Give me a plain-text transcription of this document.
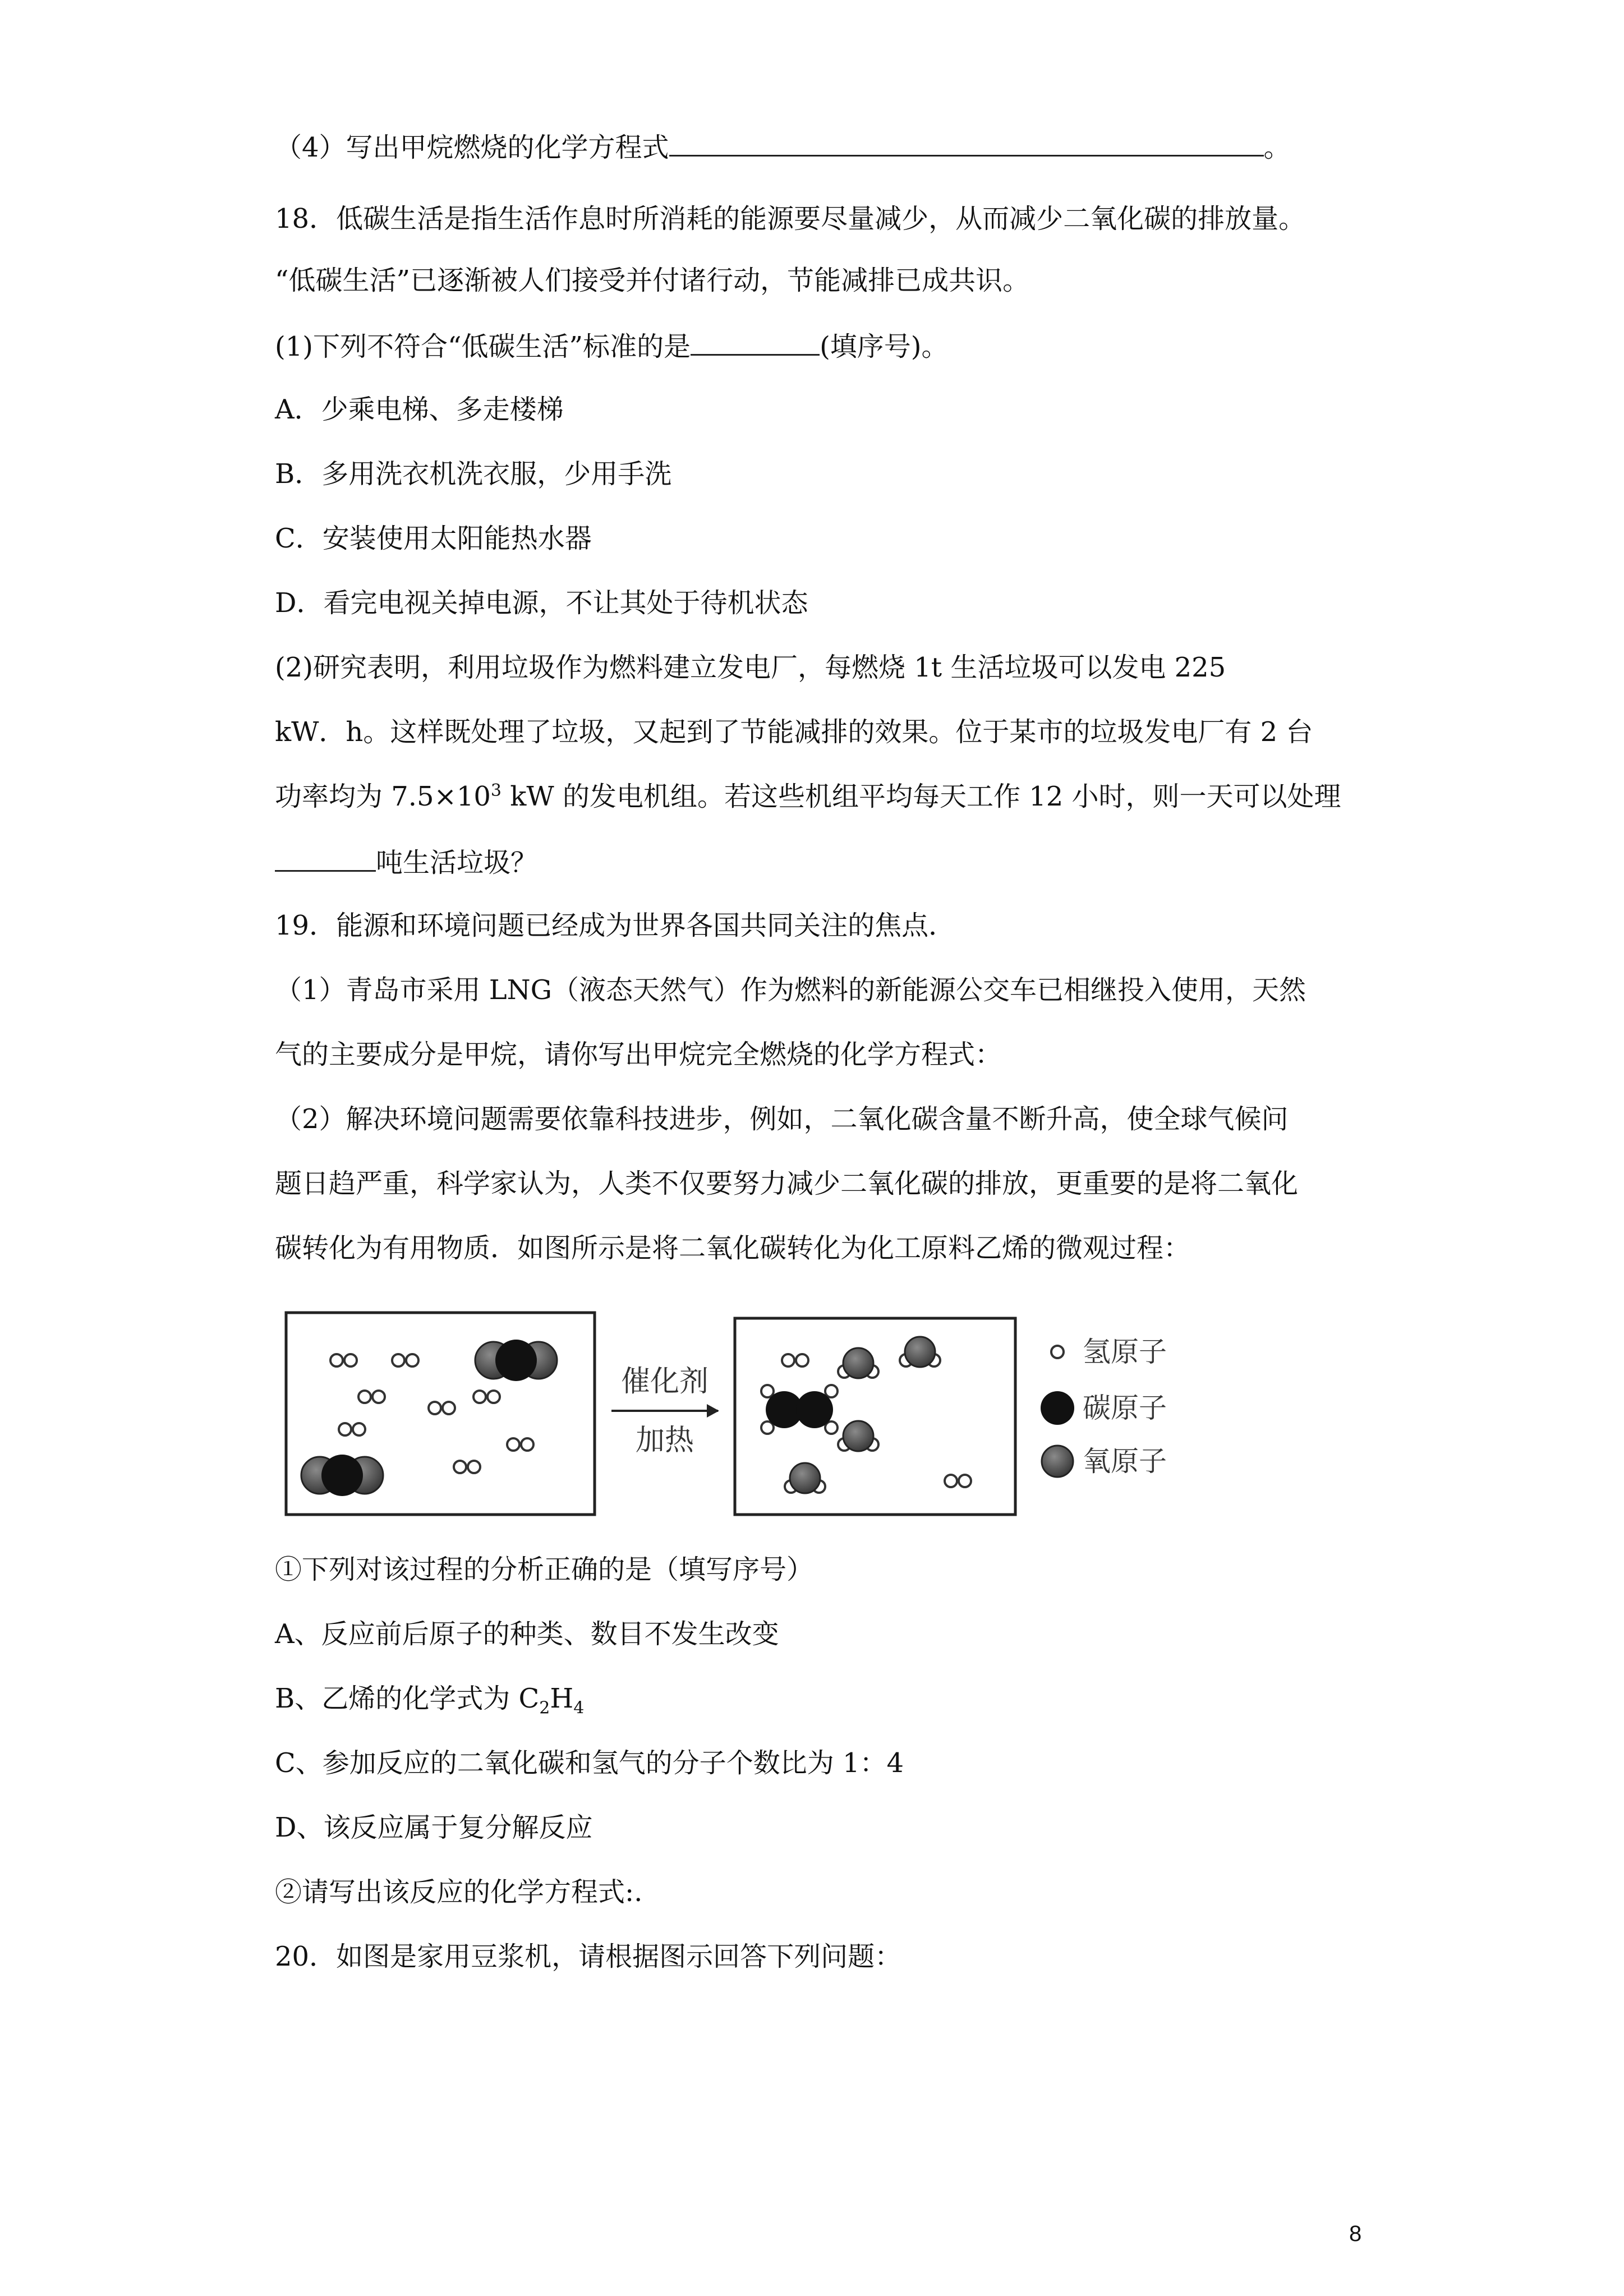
（4）写出甲烷燃烧的化学方程式	。
18．低碳生活是指生活作息时所消耗的能源要尽量减少，从而减少二氧化碳的排放量。
“低碳生活”已逐渐被人们接受并付诸行动，节能减排已成共识。
(1)下列不符合“低碳生活”标准的是	(填序号)。
A．少乘电梯、多走楼梯
B．多用洗衣机洗衣服，少用手洗
C．安装使用太阳能热水器
D．看完电视关掉电源，不让其处于待机状态
(2)研究表明，利用垃圾作为燃料建立发电厂，每燃烧 1t 生活垃圾可以发电 225
kW．h。这样既处理了垃圾，又起到了节能减排的效果。位于某市的垃圾发电厂有 2 台
功率均为 $7.5\times 10^3$ kW 的发电机组。若这些机组平均每天工作 12 小时，则一天可以处理
吨生活垃圾？
19．能源和环境问题已经成为世界各国共同关注的焦点．
（1）青岛市采用 LNG（液态天然气）作为燃料的新能源公交车已相继投入使用，天然
气的主要成分是甲烷，请你写出甲烷完全燃烧的化学方程式：
（2）解决环境问题需要依靠科技进步，例如，二氧化碳含量不断升高，使全球气候问
题日趋严重，科学家认为，人类不仅要努力减少二氧化碳的排放，更重要的是将二氧化
碳转化为有用物质．如图所示是将二氧化碳转化为化工原料乙烯的微观过程：
催化剂
加热
氢原子
碳原子
氧原子
①下列对该过程的分析正确的是（填写序号）
A、反应前后原子的种类、数目不发生改变
B、乙烯的化学式为 $C_2H_4$
C、参加反应的二氧化碳和氢气的分子个数比为 1：4
D、该反应属于复分解反应
②请写出该反应的化学方程式:.
20．如图是家用豆浆机，请根据图示回答下列问题：
8
